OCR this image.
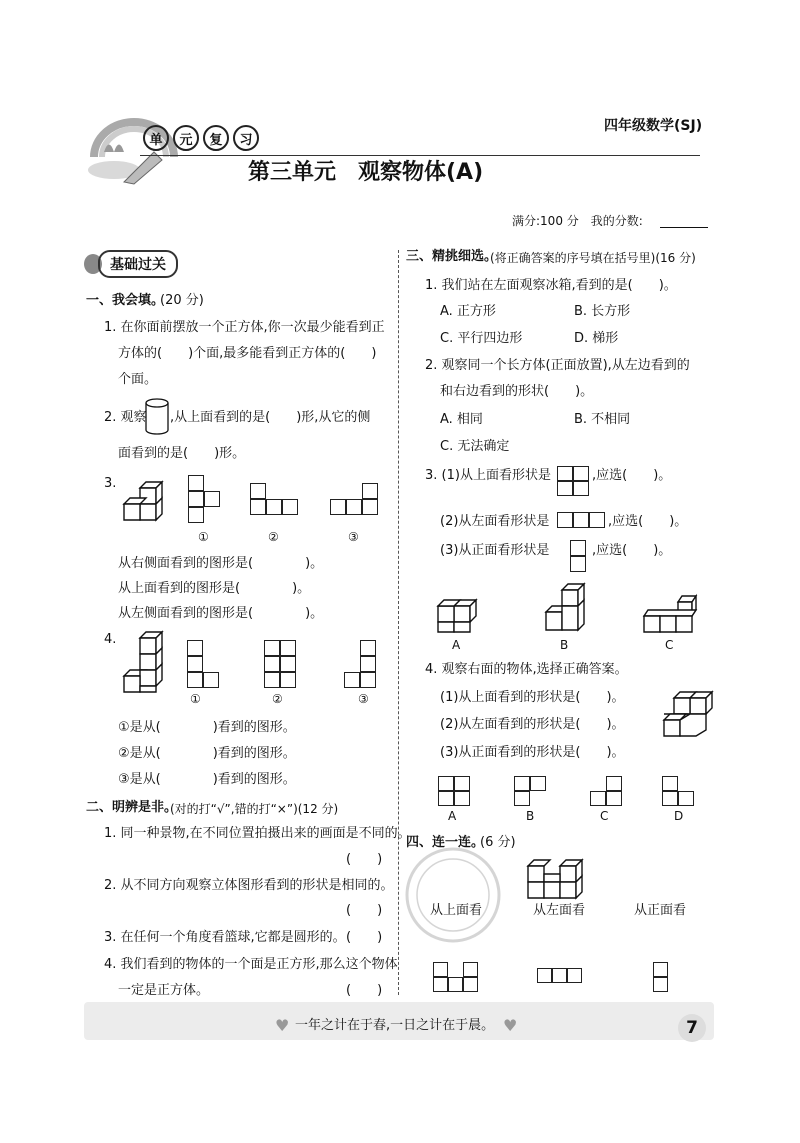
单	元	复	习
四年级数学(SJ)
第三单元　观察物体(A)
满分:100 分　我的分数:
基础过关
一、我会填。
(20 分)
1. 在你面前摆放一个正方体,你一次最少能看到正
方体的(　　)个面,最多能看到正方体的(　　)
个面。
2. 观察 ,从上面看到的是(　　)形,从它的侧
面看到的是(　　)形。
3.
①	②	③
从右侧面看到的图形是(　　　　)。
从上面看到的图形是(　　　　)。
从左侧面看到的图形是(　　　　)。
4.
①	②	③
①是从(　　　　)看到的图形。
②是从(　　　　)看到的图形。
③是从(　　　　)看到的图形。
二、明辨是非。
(对的打“√”,错的打“×”)(12 分)
1. 同一种景物,在不同位置拍摄出来的画面是不同的。
(　　)
2. 从不同方向观察立体图形看到的形状是相同的。
(　　)
3. 在任何一个角度看篮球,它都是圆形的。 (　　)
4. 我们看到的物体的一个面是正方形,那么这个物体
一定是正方体。	(　　)
三、精挑细选。
(将正确答案的序号填在括号里)(16 分)
1. 我们站在左面观察冰箱,看到的是(　　)。
A. 正方形	B. 长方形
C. 平行四边形	D. 梯形
2. 观察同一个长方体(正面放置),从左边看到的
和右边看到的形状(　　)。
A. 相同	B. 不相同
C. 无法确定
3. (1)从上面看形状是	,应选(　　)。
(2)从左面看形状是	,应选(　　)。
(3)从正面看形状是	,应选(　　)。
A	B	C
4. 观察右面的物体,选择正确答案。
(1)从上面看到的形状是(　　)。
(2)从左面看到的形状是(　　)。
(3)从正面看到的形状是(　　)。
A	B	C	D
四、连一连。
(6 分)
从上面看	从左面看	从正面看
♥ 一年之计在于春,一日之计在于晨。 ♥	7
